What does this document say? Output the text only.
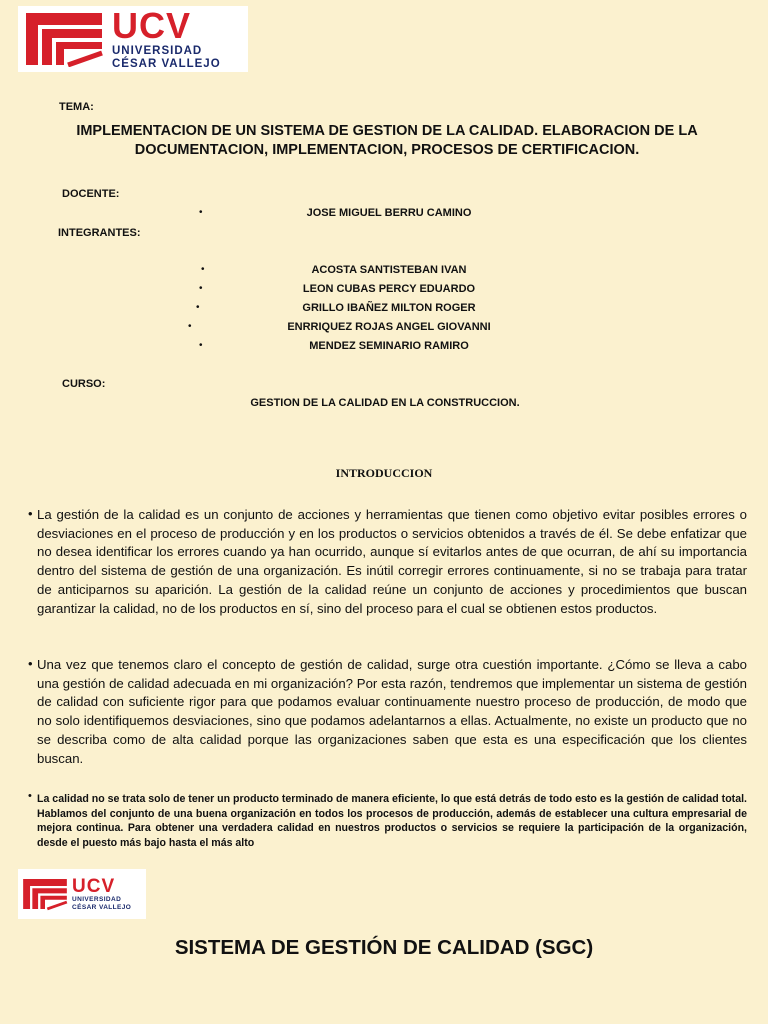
UCV
UNIVERSIDAD
CÉSAR VALLEJO
TEMA:
IMPLEMENTACION DE UN SISTEMA DE GESTION DE LA CALIDAD. ELABORACION DE LA DOCUMENTACION, IMPLEMENTACION, PROCESOS DE CERTIFICACION.
DOCENTE:
•	JOSE MIGUEL BERRU CAMINO
INTEGRANTES:
•	ACOSTA SANTISTEBAN IVAN
•	LEON CUBAS PERCY EDUARDO
•	GRILLO IBAÑEZ MILTON ROGER
•	ENRRIQUEZ ROJAS ANGEL GIOVANNI
•	MENDEZ SEMINARIO RAMIRO
CURSO:
GESTION DE LA CALIDAD EN LA CONSTRUCCION.
INTRODUCCION
• La gestión de la calidad es un conjunto de acciones y herramientas que tienen como objetivo evitar posibles errores o desviaciones en el proceso de producción y en los productos o servicios obtenidos a través de él. Se debe enfatizar que no desea identificar los errores cuando ya han ocurrido, aunque sí evitarlos antes de que ocurran, de ahí su importancia dentro del sistema de gestión de una organización. Es inútil corregir errores continuamente, si no se trabaja para tratar de anticiparnos su aparición. La gestión de la calidad reúne un conjunto de acciones y procedimientos que buscan garantizar la calidad, no de los productos en sí, sino del proceso para el cual se obtienen estos productos.
• Una vez que tenemos claro el concepto de gestión de calidad, surge otra cuestión importante. ¿Cómo se lleva a cabo una gestión de calidad adecuada en mi organización? Por esta razón, tendremos que implementar un sistema de gestión de calidad con suficiente rigor para que podamos evaluar continuamente nuestro proceso de producción, de modo que no solo identifiquemos desviaciones, sino que podamos adelantarnos a ellas. Actualmente, no existe un producto que no se describa como de alta calidad porque las organizaciones saben que esta es una especificación que los clientes buscan.
• La calidad no se trata solo de tener un producto terminado de manera eficiente, lo que está detrás de todo esto es la gestión de calidad total. Hablamos del conjunto de una buena organización en todos los procesos de producción, además de establecer una cultura empresarial de mejora continua. Para obtener una verdadera calidad en nuestros productos o servicios se requiere la participación de la organización, desde el puesto más bajo hasta el más alto
UCV
UNIVERSIDAD
CÉSAR VALLEJO
SISTEMA DE GESTIÓN DE CALIDAD (SGC)
